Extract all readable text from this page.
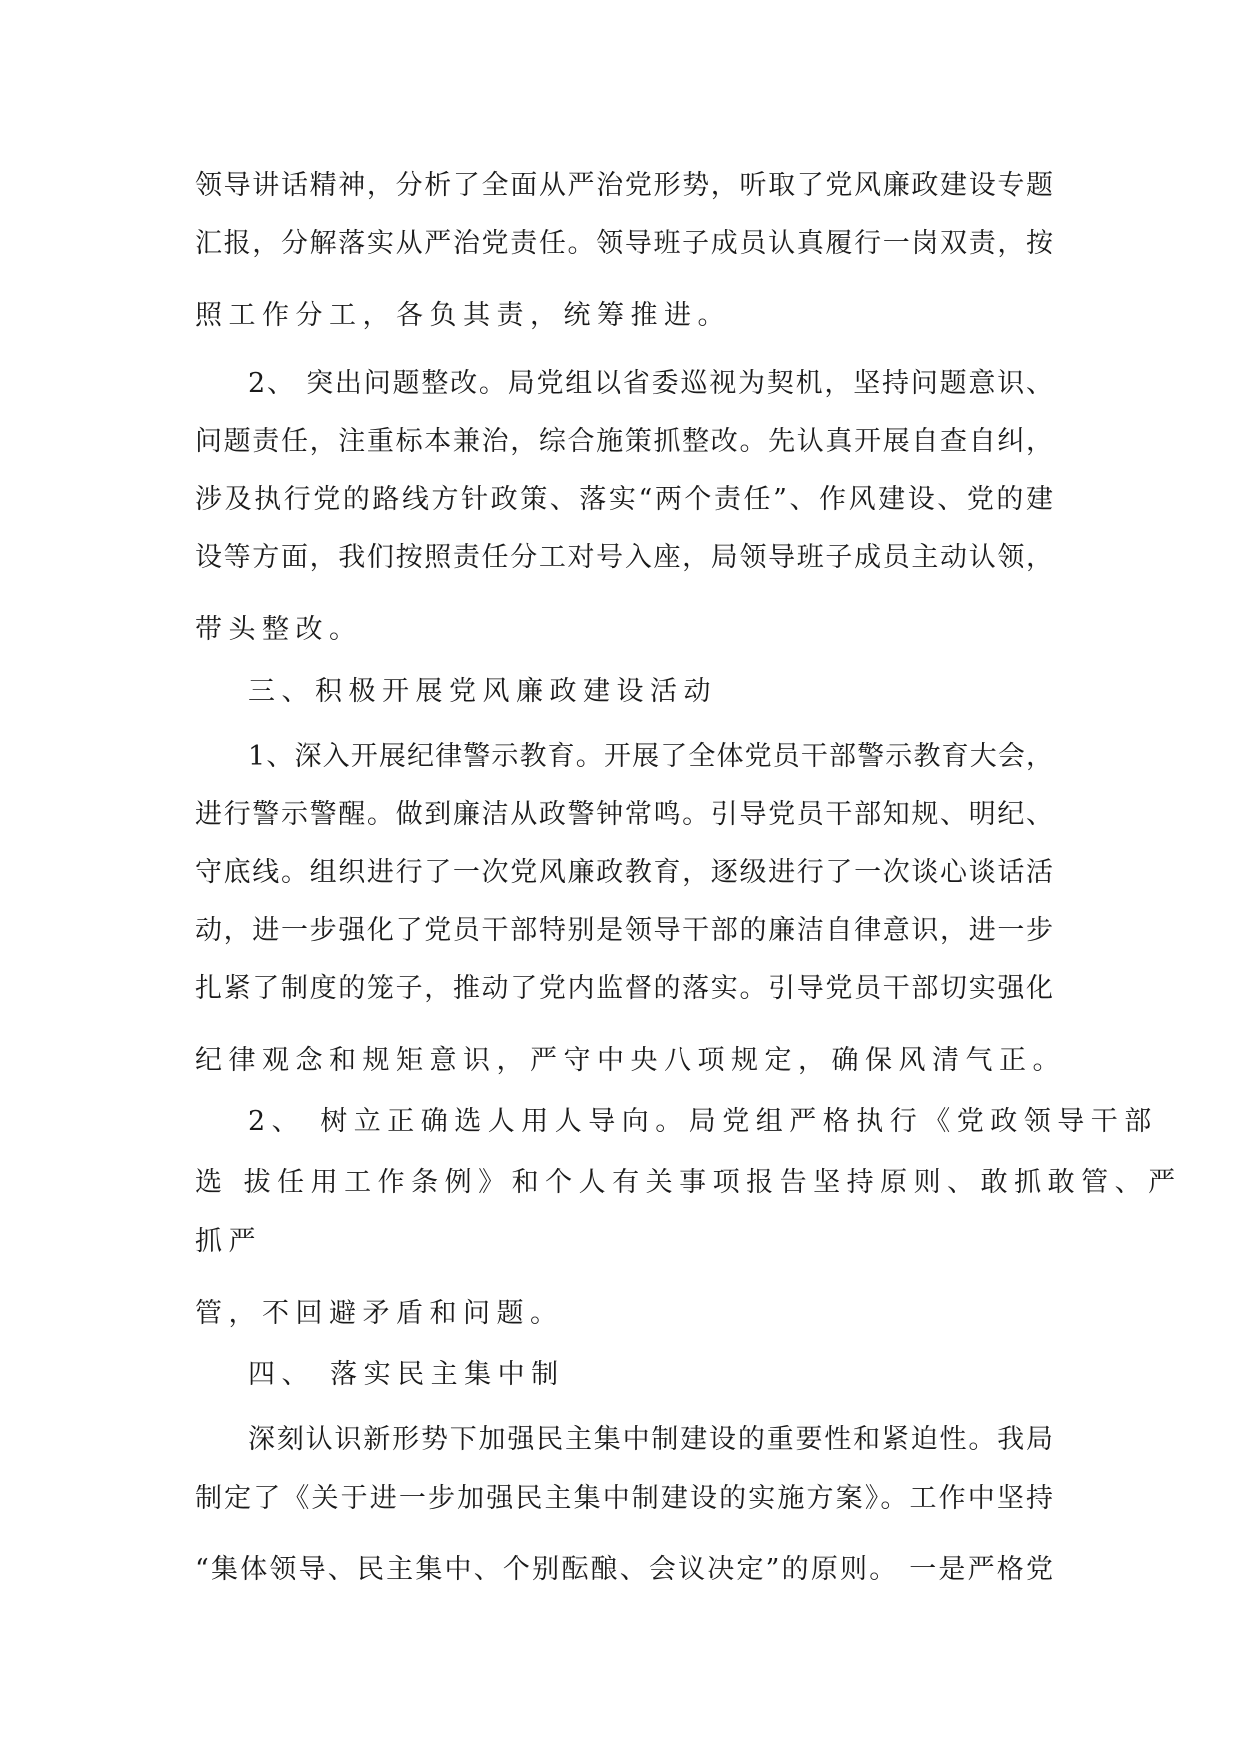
领导讲话精神，分析了全面从严治党形势，听取了党风廉政建设专题
汇报，分解落实从严治党责任。领导班子成员认真履行一岗双责，按
照工作分工，各负其责，统筹推进。
2、 突出问题整改。局党组以省委巡视为契机，坚持问题意识、
问题责任，注重标本兼治，综合施策抓整改。先认真开展自查自纠，
涉及执行党的路线方针政策、落实“两个责任”、作风建设、党的建
设等方面，我们按照责任分工对号入座，局领导班子成员主动认领，
带头整改。
三、积极开展党风廉政建设活动
1、深入开展纪律警示教育。开展了全体党员干部警示教育大会，
进行警示警醒。做到廉洁从政警钟常鸣。引导党员干部知规、明纪、
守底线。组织进行了一次党风廉政教育，逐级进行了一次谈心谈话活
动，进一步强化了党员干部特别是领导干部的廉洁自律意识，进一步
扎紧了制度的笼子，推动了党内监督的落实。引导党员干部切实强化
纪律观念和规矩意识，严守中央八项规定，确保风清气正。
2、 树立正确选人用人导向。局党组严格执行《党政领导干部
选 拔任用工作条例》和个人有关事项报告坚持原则、敢抓敢管、严
抓严
管，不回避矛盾和问题。
四、 落实民主集中制
深刻认识新形势下加强民主集中制建设的重要性和紧迫性。我局
制定了《关于进一步加强民主集中制建设的实施方案》。工作中坚持
“集体领导、民主集中、个别酝酿、会议决定”的原则。 一是严格党
